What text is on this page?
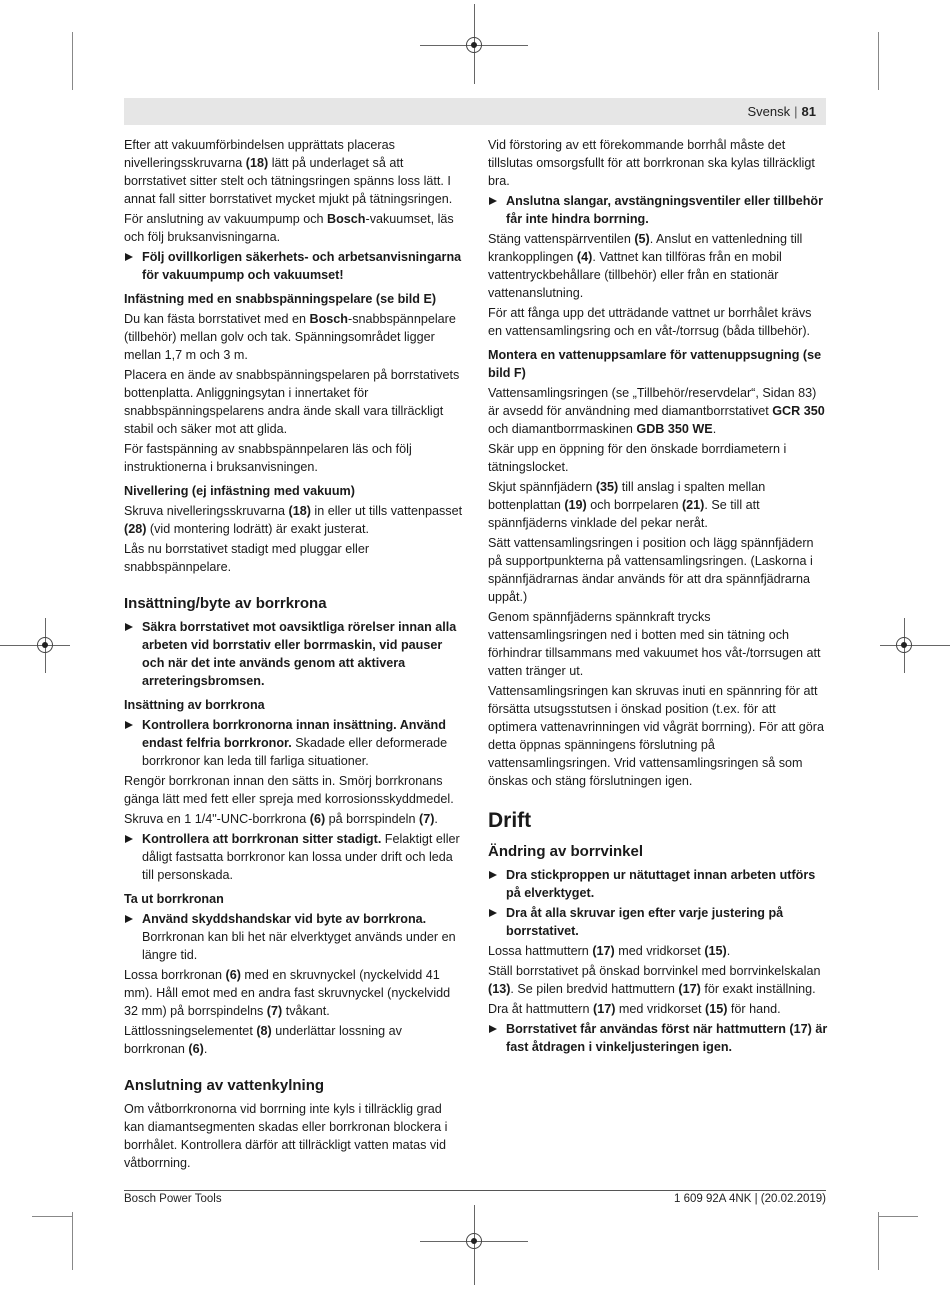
Svensk | 81

Efter att vakuumförbindelsen upprättats placeras nivelleringsskruvarna (18) lätt på underlaget så att borrstativet sitter stelt och tätningsringen spänns loss lätt. I annat fall sitter borrstativet mycket mjukt på tätningsringen.

För anslutning av vakuumpump och Bosch-vakuumset, läs och följ bruksanvisningarna.

Följ ovillkorligen säkerhets- och arbetsanvisningarna för vakuumpump och vakuumset!
Infästning med en snabbspänningspelare (se bild E)

Du kan fästa borrstativet med en Bosch-snabbspännpelare (tillbehör) mellan golv och tak. Spänningsområdet ligger mellan 1,7 m och 3 m.

Placera en ände av snabbspänningspelaren på borrstativets bottenplatta. Anliggningsytan i innertaket för snabbspänningspelarens andra ände skall vara tillräckligt stabil och säker mot att glida.

För fastspänning av snabbspännpelaren läs och följ instruktionerna i bruksanvisningen.

Nivellering (ej infästning med vakuum)

Skruva nivelleringsskruvarna (18) in eller ut tills vattenpasset (28) (vid montering lodrätt) är exakt justerat.

Lås nu borrstativet stadigt med pluggar eller snabbspännpelare.

Insättning/byte av borrkrona
Säkra borrstativet mot oavsiktliga rörelser innan alla arbeten vid borrstativ eller borrmaskin, vid pauser och när det inte används genom att aktivera arreteringsbromsen.
Insättning av borrkrona
Kontrollera borrkronorna innan insättning. Använd endast felfria borrkronor. Skadade eller deformerade borrkronor kan leda till farliga situationer.

Rengör borrkronan innan den sätts in. Smörj borrkronans gänga lätt med fett eller spreja med korrosionsskyddmedel.

Skruva en 1 1/4"-UNC-borrkrona (6) på borrspindeln (7).

Kontrollera att borrkronan sitter stadigt. Felaktigt eller dåligt fastsatta borrkronor kan lossa under drift och leda till personskada.
Ta ut borrkronan
Använd skyddshandskar vid byte av borrkrona. Borrkronan kan bli het när elverktyget används under en längre tid.

Lossa borrkronan (6) med en skruvnyckel (nyckelvidd 41 mm). Håll emot med en andra fast skruvnyckel (nyckelvidd 32 mm) på borrspindelns (7) tvåkant.

Lättlossningselementet (8) underlättar lossning av borrkronan (6).

Anslutning av vattenkylning

Om våtborrkronorna vid borrning inte kyls i tillräcklig grad kan diamantsegmenten skadas eller borrkronan blockera i borrhålet. Kontrollera därför att tillräckligt vatten matas vid våtborrning.

Vid förstoring av ett förekommande borrhål måste det tillslutas omsorgsfullt för att borrkronan ska kylas tillräckligt bra.

Anslutna slangar, avstängningsventiler eller tillbehör får inte hindra borrning.

Stäng vattenspärrventilen (5). Anslut en vattenledning till krankopplingen (4). Vattnet kan tillföras från en mobil vattentryckbehållare (tillbehör) eller från en stationär vattenanslutning.

För att fånga upp det utträdande vattnet ur borrhålet krävs en vattensamlingsring och en våt-/torrsug (båda tillbehör).

Montera en vattenuppsamlare för vattenuppsugning (se bild F)

Vattensamlingsringen (se „Tillbehör/reservdelar“, Sidan 83) är avsedd för användning med diamantborrstativet GCR 350 och diamantborrmaskinen GDB 350 WE.

Skär upp en öppning för den önskade borrdiametern i tätningslocket.

Skjut spännfjädern (35) till anslag i spalten mellan bottenplattan (19) och borrpelaren (21). Se till att spännfjäderns vinklade del pekar neråt.

Sätt vattensamlingsringen i position och lägg spännfjädern på supportpunkterna på vattensamlingsringen. (Laskorna i spännfjädrarnas ändar används för att dra spännfjädrarna uppåt.)

Genom spännfjäderns spännkraft trycks vattensamlingsringen ned i botten med sin tätning och förhindrar tillsammans med vakuumet hos våt-/torrsugen att vatten tränger ut.

Vattensamlingsringen kan skruvas inuti en spännring för att försätta utsugsstutsen i önskad position (t.ex. för att optimera vattenavrinningen vid vågrät borrning). För att göra detta öppnas spänningens förslutning på vattensamlingsringen. Vrid vattensamlingsringen så som önskas och stäng förslutningen igen.

Drift
Ändring av borrvinkel
Dra stickproppen ur nätuttaget innan arbeten utförs på elverktyget.
Dra åt alla skruvar igen efter varje justering på borrstativet.

Lossa hattmuttern (17) med vridkorset (15).

Ställ borrstativet på önskad borrvinkel med borrvinkelskalan (13). Se pilen bredvid hattmuttern (17) för exakt inställning.

Dra åt hattmuttern (17) med vridkorset (15) för hand.

Borrstativet får användas först när hattmuttern (17) är fast åtdragen i vinkeljusteringen igen.
Bosch Power Tools	1 609 92A 4NK | (20.02.2019)
